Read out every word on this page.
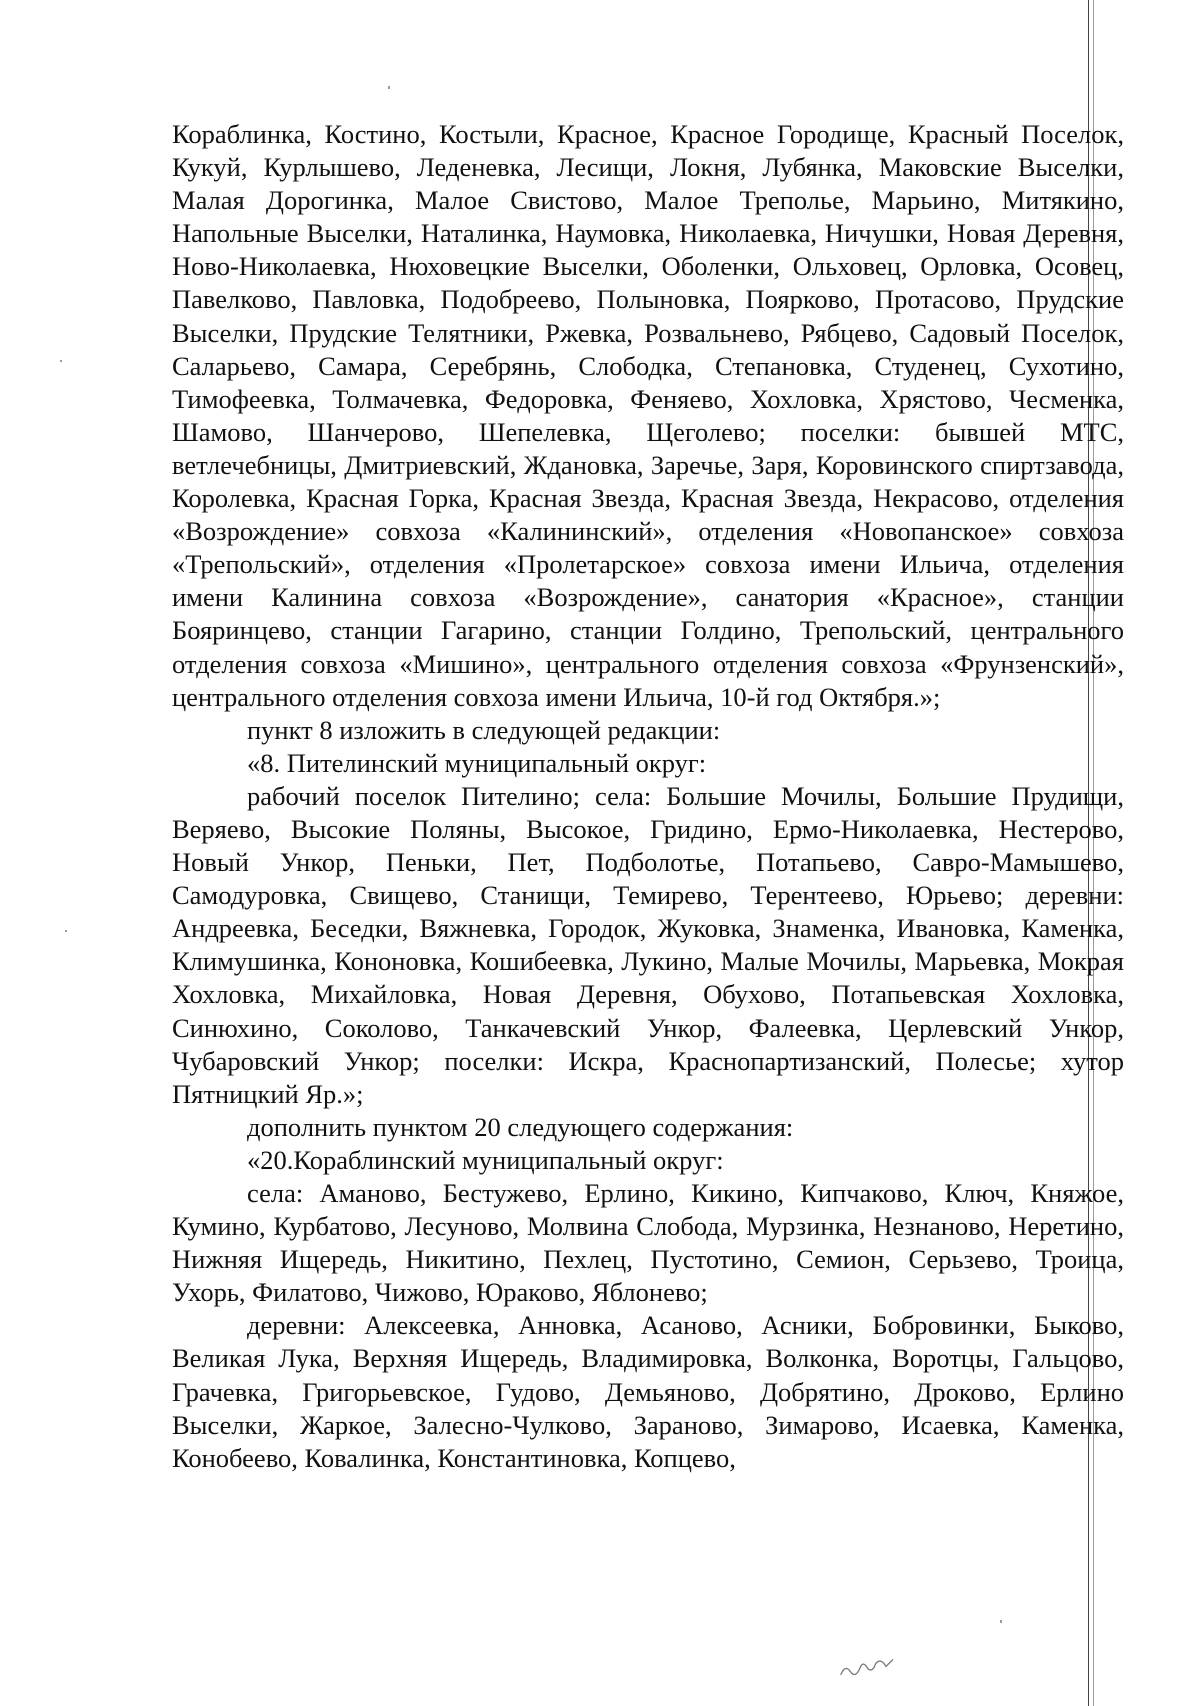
Кораблинка, Костино, Костыли, Красное, Красное Городище, Красный Поселок, Кукуй, Курлышево, Леденевка, Лесищи, Локня, Лубянка, Маковские Выселки, Малая Дорогинка, Малое Свистово, Малое Трепольe, Марьино, Митякино, Напольные Выселки, Наталинка, Наумовка, Николаевка, Ничушки, Новая Деревня, Ново-Николаевка, Нюховецкие Выселки, Оболенки, Ольховец, Орловка, Осовец, Павелково, Павловка, Подобреево, Полыновка, Поярково, Протасово, Прудские Выселки, Прудские Телятники, Ржевка, Розвальнево, Рябцево, Садовый Поселок, Саларьево, Самара, Серебрянь, Слободка, Степановка, Студенец, Сухотино, Тимофеевка, Толмачевка, Федоровка, Феняево, Хохловка, Хрястово, Чесменка, Шамово, Шанчерово, Шепелевка, Щеголево; поселки: бывшей МТС, ветлечебницы, Дмитриевский, Ждановка, Заречье, Заря, Коровинского спиртзавода, Королевка, Красная Горка, Красная Звезда, Красная Звезда, Некрасово, отделения «Возрождение» совхоза «Калининский», отделения «Новопанское» совхоза «Трепольский», отделения «Пролетарское» совхоза имени Ильича, отделения имени Калинина совхоза «Возрождение», санатория «Красное», станции Бояринцево, станции Гагарино, станции Голдино, Трепольский, центрального отделения совхоза «Мишино», центрального отделения совхоза «Фрунзенский», центрального отделения совхоза имени Ильича, 10-й год Октября.»;

пункт 8 изложить в следующей редакции:

«8. Пителинский муниципальный округ:

рабочий поселок Пителино; села: Большие Мочилы, Большие Прудищи, Веряево, Высокие Поляны, Высокое, Гридино, Ермо-Николаевка, Нестерово, Новый Ункор, Пеньки, Пет, Подболотье, Потапьево, Савро-Мамышево, Самодуровка, Свищево, Станищи, Темирево, Терентеево, Юрьево; деревни: Андреевка, Беседки, Вяжневка, Городок, Жуковка, Знаменка, Ивановка, Каменка, Климушинка, Кононовка, Кошибеевка, Лукино, Малые Мочилы, Марьевка, Мокрая Хохловка, Михайловка, Новая Деревня, Обухово, Потапьевская Хохловка, Синюхино, Соколово, Танкачевский Ункор, Фалеевка, Церлевский Ункор, Чубаровский Ункор; поселки: Искра, Краснопартизанский, Полесье; хутор Пятницкий Яр.»;

дополнить пунктом 20 следующего содержания:

«20.Кораблинский муниципальный округ:

села: Аманово, Бестужево, Ерлино, Кикино, Кипчаково, Ключ, Княжое, Кумино, Курбатово, Лесуново, Молвина Слобода, Мурзинка, Незнаново, Неретино, Нижняя Ищередь, Никитино, Пехлец, Пустотино, Семион, Серьзево, Троица, Ухорь, Филатово, Чижово, Юраково, Яблонево;

деревни: Алексеевка, Анновка, Асаново, Асники, Бобровинки, Быково, Великая Лука, Верхняя Ищередь, Владимировка, Волконка, Воротцы, Гальцово, Грачевка, Григорьевское, Гудово, Демьяново, Добрятино, Дроково, Ерлино Выселки, Жаркое, Залесно-Чулково, Зараново, Зимарово, Исаевка, Каменка, Конобеево, Ковалинка, Константиновка, Копцево,
